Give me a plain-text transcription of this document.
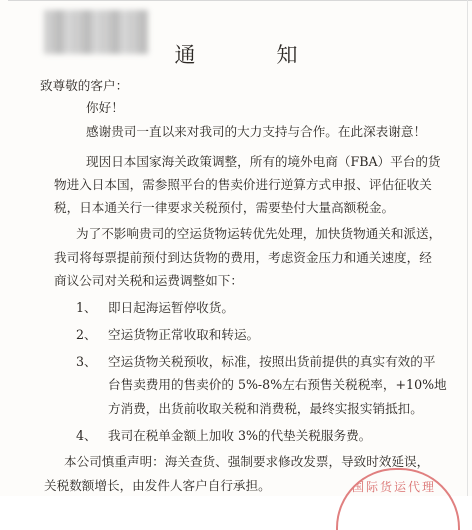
通　知
致尊敬的客户：
你好！
感谢贵司一直以来对我司的大力支持与合作。在此深表谢意！
现因日本国家海关政策调整，所有的境外电商（FBA）平台的货
物进入日本国，需参照平台的售卖价进行逆算方式申报、评估征收关
税，日本通关行一律要求关税预付，需要垫付大量高额税金。
为了不影响贵司的空运货物运转优先处理，加快货物通关和派送，
我司将每票提前预付到达货物的费用，考虑资金压力和通关速度，经
商议公司对关税和运费调整如下：
1、 即日起海运暂停收货。
2、 空运货物正常收取和转运。
3、 空运货物关税预收，标准，按照出货前提供的真实有效的平
台售卖费用的售卖价的 5%-8%左右预售关税税率，+10%地
方消费，出货前收取关税和消费税，最终实报实销抵扣。
4、 我司在税单金额上加收 3%的代垫关税服务费。
本公司慎重声明：海关查货、强制要求修改发票，导致时效延误，
关税数额增长，由发件人客户自行承担。	国际货运代理
